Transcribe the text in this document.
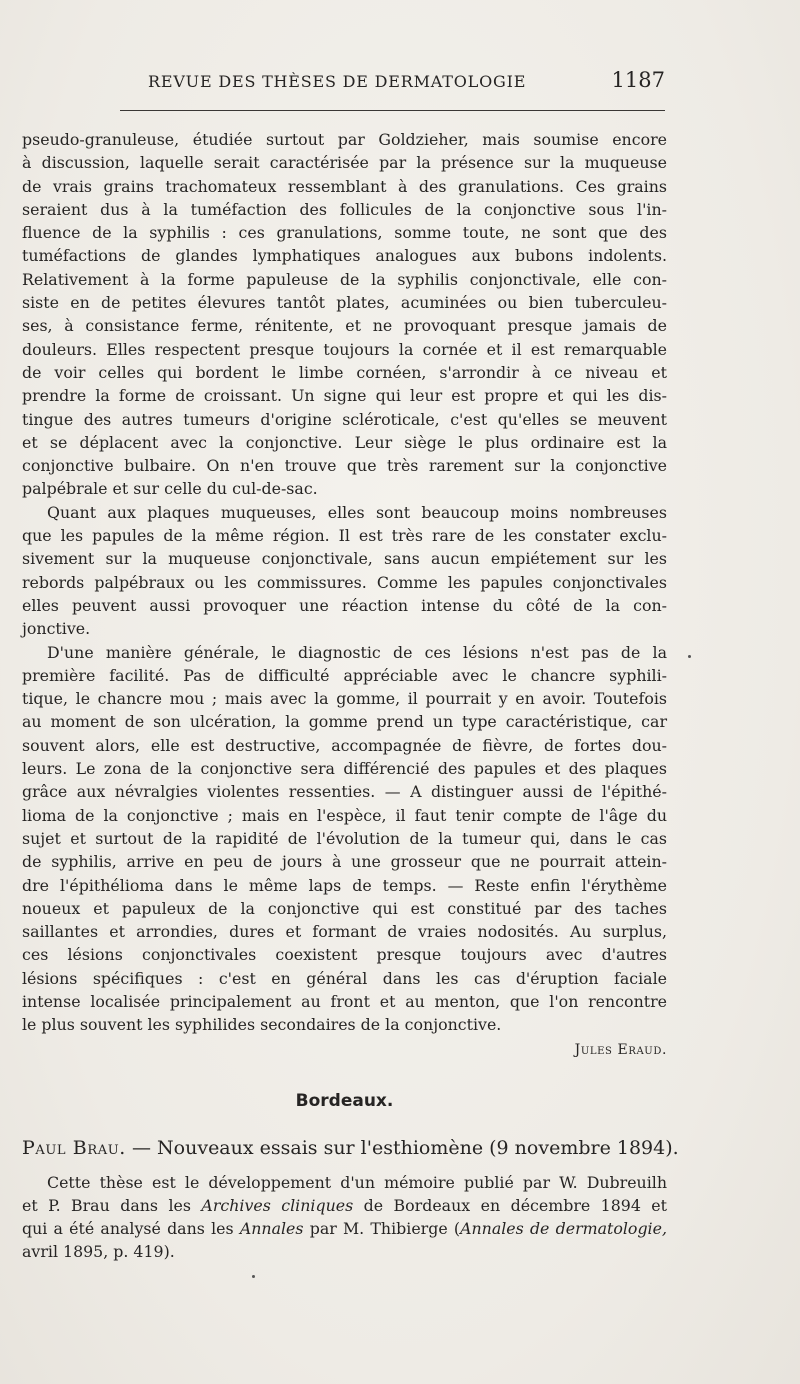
REVUE DES THÈSES DE DERMATOLOGIE	1187
pseudo-granuleuse, étudiée surtout par Goldzieher, mais soumise encore
à discussion, laquelle serait caractérisée par la présence sur la muqueuse
de vrais grains trachomateux ressemblant à des granulations. Ces grains
seraient dus à la tuméfaction des follicules de la conjonctive sous l'in-
fluence de la syphilis : ces granulations, somme toute, ne sont que des
tuméfactions de glandes lymphatiques analogues aux bubons indolents.
Relativement à la forme papuleuse de la syphilis conjonctivale, elle con-
siste en de petites élevures tantôt plates, acuminées ou bien tuberculeu-
ses, à consistance ferme, rénitente, et ne provoquant presque jamais de
douleurs. Elles respectent presque toujours la cornée et il est remarquable
de voir celles qui bordent le limbe cornéen, s'arrondir à ce niveau et
prendre la forme de croissant. Un signe qui leur est propre et qui les dis-
tingue des autres tumeurs d'origine scléroticale, c'est qu'elles se meuvent
et se déplacent avec la conjonctive. Leur siège le plus ordinaire est la
conjonctive bulbaire. On n'en trouve que très rarement sur la conjonctive
palpébrale et sur celle du cul-de-sac.
Quant aux plaques muqueuses, elles sont beaucoup moins nombreuses
que les papules de la même région. Il est très rare de les constater exclu-
sivement sur la muqueuse conjonctivale, sans aucun empiétement sur les
rebords palpébraux ou les commissures. Comme les papules conjonctivales
elles peuvent aussi provoquer une réaction intense du côté de la con-
jonctive.
D'une manière générale, le diagnostic de ces lésions n'est pas de la
première facilité. Pas de difficulté appréciable avec le chancre syphili-
tique, le chancre mou ; mais avec la gomme, il pourrait y en avoir. Toutefois
au moment de son ulcération, la gomme prend un type caractéristique, car
souvent alors, elle est destructive, accompagnée de fièvre, de fortes dou-
leurs. Le zona de la conjonctive sera différencié des papules et des plaques
grâce aux névralgies violentes ressenties. — A distinguer aussi de l'épithé-
lioma de la conjonctive ; mais en l'espèce, il faut tenir compte de l'âge du
sujet et surtout de la rapidité de l'évolution de la tumeur qui, dans le cas
de syphilis, arrive en peu de jours à une grosseur que ne pourrait attein-
dre l'épithélioma dans le même laps de temps. — Reste enfin l'érythème
noueux et papuleux de la conjonctive qui est constitué par des taches
saillantes et arrondies, dures et formant de vraies nodosités. Au surplus,
ces lésions conjonctivales coexistent presque toujours avec d'autres
lésions spécifiques : c'est en général dans les cas d'éruption faciale
intense localisée principalement au front et au menton, que l'on rencontre
le plus souvent les syphilides secondaires de la conjonctive.
Jules Eraud.
Bordeaux.
Paul Brau. — Nouveaux essais sur l'esthiomène (9 novembre 1894).
Cette thèse est le développement d'un mémoire publié par W. Dubreuilh
et P. Brau dans les Archives cliniques de Bordeaux en décembre 1894 et
qui a été analysé dans les Annales par M. Thibierge (Annales de dermatologie,
avril 1895, p. 419).
